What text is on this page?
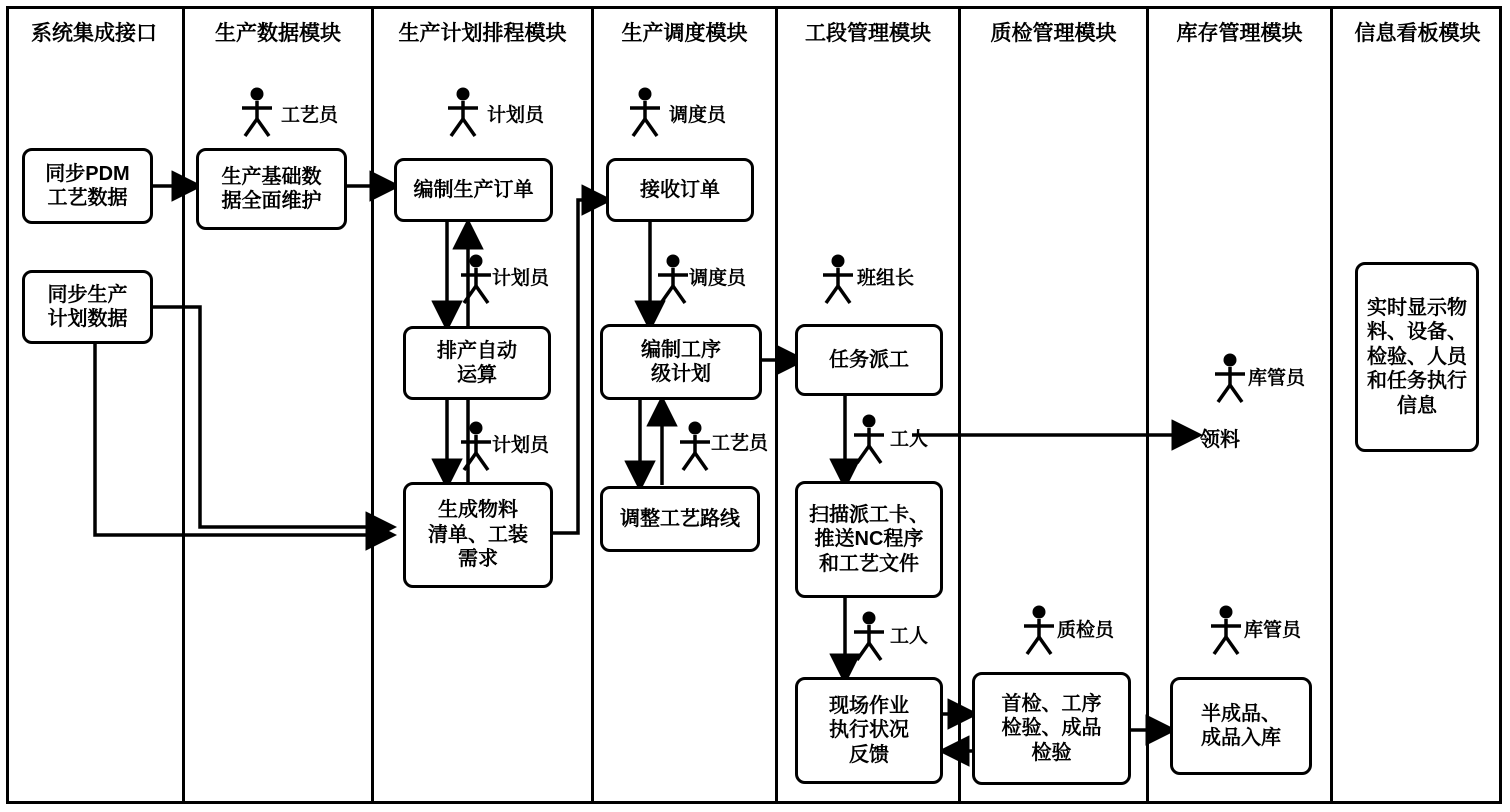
系统集成接口	生产数据模块	生产计划排程模块	生产调度模块	工段管理模块	质检管理模块	库存管理模块	信息看板模块
同步PDM
工艺数据
同步生产
计划数据
生产基础数
据全面维护
编制生产订单
排产自动
运算
生成物料
清单、工装
需求
接收订单
编制工序
级计划
调整工艺路线
任务派工
扫描派工卡、
推送NC程序
和工艺文件
现场作业
执行状况
反馈
首检、工序
检验、成品
检验
半成品、
成品入库
实时显示物
料、设备、
检验、人员
和任务执行
信息
领料
工艺员	计划员	调度员
计划员	调度员	班组长
计划员	工艺员	工人
库管员
工人	质检员	库管员
